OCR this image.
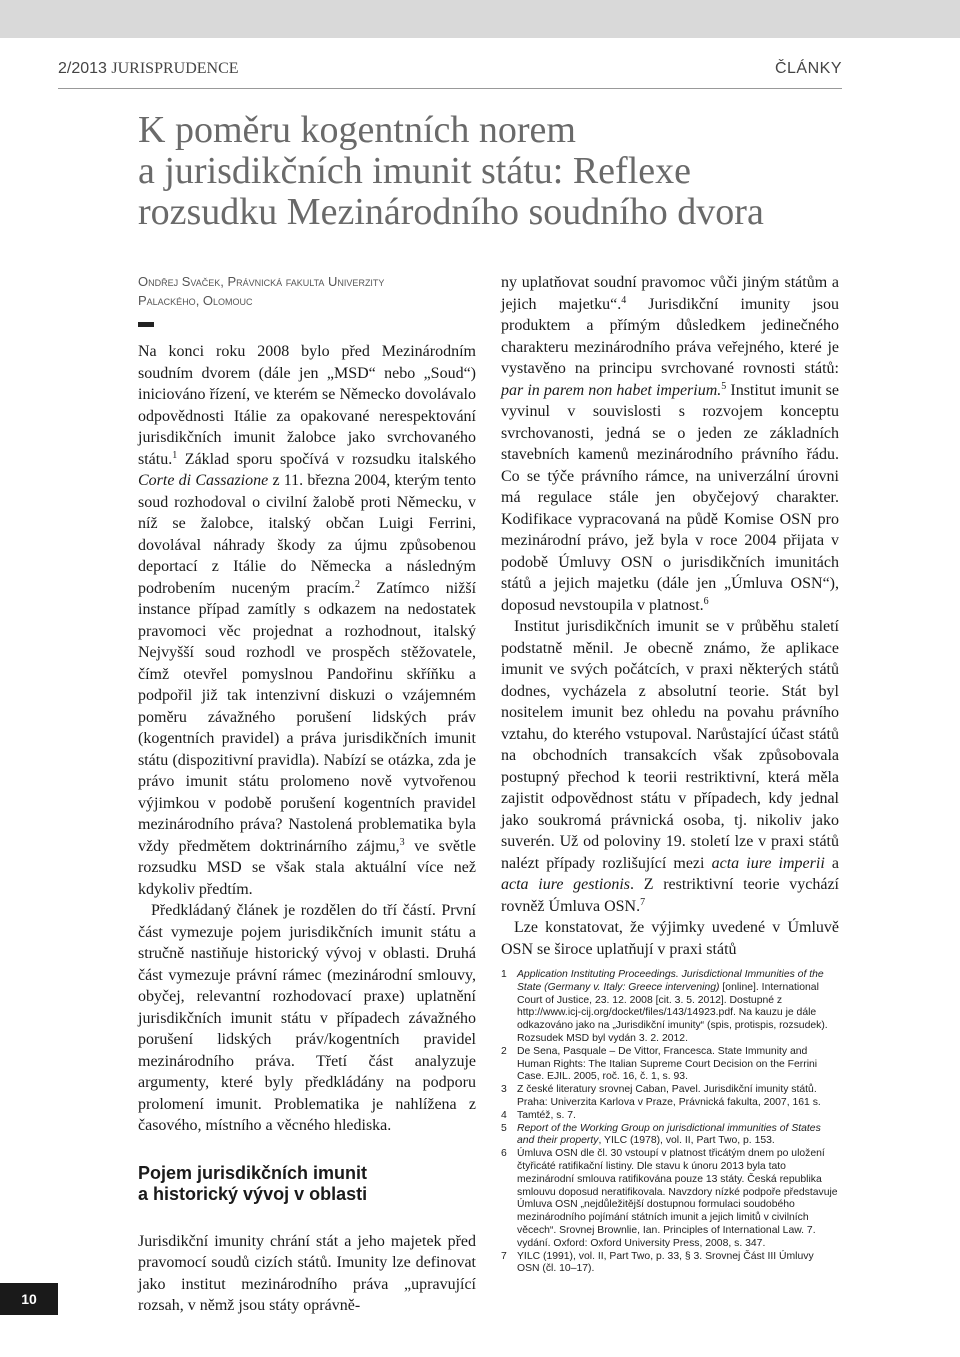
2/2013 JURISPRUDENCE	ČLÁNKY
K poměru kogentních norem
a jurisdikčních imunit státu: Reflexe
rozsudku Mezinárodního soudního dvora
Ondřej Svaček, Právnická fakulta Univerzity
Palackého, Olomouc

Na konci roku 2008 bylo před Mezinárodním soudním dvorem (dále jen „MSD“ nebo „Soud“) iniciováno řízení, ve kterém se Německo dovolávalo odpovědnosti Itálie za opakované nerespektování jurisdikčních imunit žalobce jako svrchovaného státu.$^1$ Základ sporu spočívá v rozsudku italského Corte di Cassazione z 11. března 2004, kterým tento soud rozhodoval o civilní žalobě proti Německu, v níž se žalobce, italský občan Luigi Ferrini, dovolával náhrady škody za újmu způsobenou deportací z Itálie do Německa a následným podrobením nuceným pracím.$^2$ Zatímco nižší instance případ zamítly s odkazem na nedostatek pravomoci věc projednat a rozhodnout, italský Nejvyšší soud rozhodl ve prospěch stěžovatele, čímž otevřel pomyslnou Pandořinu skříňku a podpořil již tak intenzivní diskuzi o vzájemném poměru závažného porušení lidských práv (kogentních pravidel) a práva jurisdikčních imunit státu (dispozitivní pravidla). Nabízí se otázka, zda je právo imunit státu prolomeno nově vytvořenou výjimkou v podobě porušení kogentních pravidel mezinárodního práva? Nastolená problematika byla vždy předmětem doktrinárního zájmu,$^3$ ve světle rozsudku MSD se však stala aktuální více než kdykoliv předtím.

Předkládaný článek je rozdělen do tří částí. První část vymezuje pojem jurisdikčních imunit státu a stručně nastiňuje historický vývoj v oblasti. Druhá část vymezuje právní rámec (mezinárodní smlouvy, obyčej, relevantní rozhodovací praxe) uplatnění jurisdikčních imunit státu v případech závažného porušení lidských práv/kogentních pravidel mezinárodního práva. Třetí část analyzuje argumenty, které byly předkládány na podporu prolomení imunit. Problematika je nahlížena z časového, místního a věcného hlediska.

Pojem jurisdikčních imunit
a historický vývoj v oblasti

Jurisdikční imunity chrání stát a jeho majetek před pravomocí soudů cizích států. Imunity lze definovat jako institut mezinárodního práva „upravující rozsah, v němž jsou státy oprávně-

ny uplatňovat soudní pravomoc vůči jiným státům a jejich majetku“.$^4$ Jurisdikční imunity jsou produktem a přímým důsledkem jedinečného charakteru mezinárodního práva veřejného, které je vystavěno na principu svrchované rovnosti států: par in parem non habet imperium.$^5$ Institut imunit se vyvinul v souvislosti s rozvojem konceptu svrchovanosti, jedná se o jeden ze základních stavebních kamenů mezinárodního právního řádu. Co se týče právního rámce, na univerzální úrovni má regulace stále jen obyčejový charakter. Kodifikace vypracovaná na půdě Komise OSN pro mezinárodní právo, jež byla v roce 2004 přijata v podobě Úmluvy OSN o jurisdikčních imunitách států a jejich majetku (dále jen „Úmluva OSN“), doposud nevstoupila v platnost.$^6$

Institut jurisdikčních imunit se v průběhu staletí podstatně měnil. Je obecně známo, že aplikace imunit ve svých počátcích, v praxi některých států dodnes, vycházela z absolutní teorie. Stát byl nositelem imunit bez ohledu na povahu právního vztahu, do kterého vstupoval. Narůstající účast států na obchodních transakcích však způsobovala postupný přechod k teorii restriktivní, která měla zajistit odpovědnost státu v případech, kdy jednal jako soukromá právnická osoba, tj. nikoliv jako suverén. Už od poloviny 19. století lze v praxi států nalézt případy rozlišující mezi acta iure imperii a acta iure gestionis. Z restriktivní teorie vychází rovněž Úmluva OSN.$^7$

Lze konstatovat, že výjimky uvedené v Úmluvě OSN se široce uplatňují v praxi států

1 Application Instituting Proceedings. Jurisdictional Immunities of the State (Germany v. Italy: Greece intervening) [online]. International Court of Justice, 23. 12. 2008 [cit. 3. 5. 2012]. Dostupné z http://www.icj-cij.org/docket/files/143/14923.pdf. Na kauzu je dále odkazováno jako na „Jurisdikční imunity“ (spis, protispis, rozsudek). Rozsudek MSD byl vydán 3. 2. 2012.
2 De Sena, Pasquale – De Vittor, Francesca. State Immunity and Human Rights: The Italian Supreme Court Decision on the Ferrini Case. EJIL. 2005, roč. 16, č. 1, s. 93.
3 Z české literatury srovnej Caban, Pavel. Jurisdikční imunity států. Praha: Univerzita Karlova v Praze, Právnická fakulta, 2007, 161 s.
4 Tamtéž, s. 7.
5 Report of the Working Group on jurisdictional immunities of States and their property, YILC (1978), vol. II, Part Two, p. 153.
6 Úmluva OSN dle čl. 30 vstoupí v platnost třicátým dnem po uložení čtyřicáté ratifikační listiny. Dle stavu k únoru 2013 byla tato mezinárodní smlouva ratifikována pouze 13 státy. Česká republika smlouvu doposud neratifikovala. Navzdory nízké podpoře představuje Úmluva OSN „nejdůležitější dostupnou formulaci soudobého mezinárodního pojímání státních imunit a jejich limitů v civilních věcech“. Srovnej Brownlie, Ian. Principles of International Law. 7. vydání. Oxford: Oxford University Press, 2008, s. 347.
7 YILC (1991), vol. II, Part Two, p. 33, § 3. Srovnej Část III Úmluvy OSN (čl. 10–17).
10
